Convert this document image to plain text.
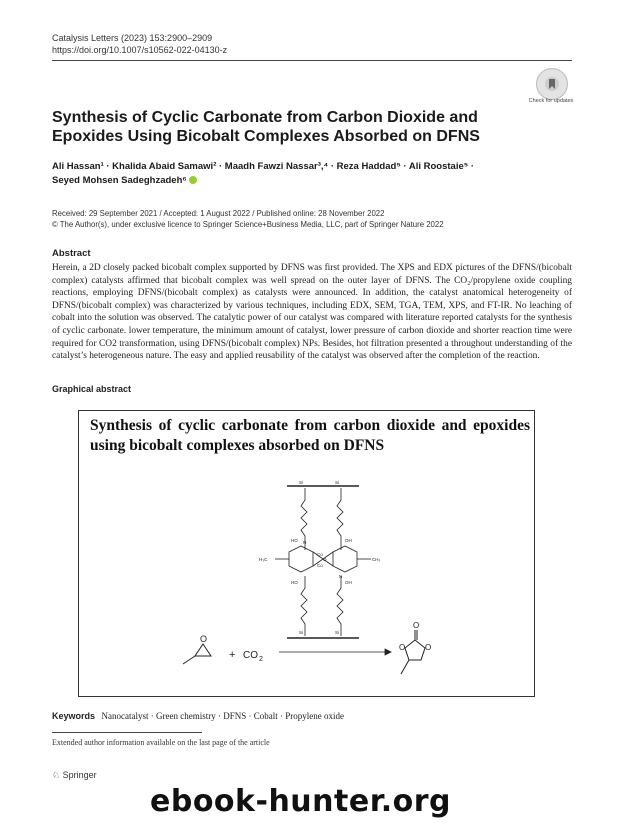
Catalysis Letters (2023) 153:2900–2909
https://doi.org/10.1007/s10562-022-04130-z
Check for updates
Synthesis of Cyclic Carbonate from Carbon Dioxide and Epoxides Using Bicobalt Complexes Absorbed on DFNS
Ali Hassan¹ · Khalida Abaid Samawi² · Maadh Fawzi Nassar³,⁴ · Reza Haddad⁵ · Ali Roostaie⁵ ·
Seyed Mohsen Sadeghzadeh⁶
Received: 29 September 2021 / Accepted: 1 August 2022 / Published online: 28 November 2022
© The Author(s), under exclusive licence to Springer Science+Business Media, LLC, part of Springer Nature 2022
Abstract
Herein, a 2D closely packed bicobalt complex supported by DFNS was first provided. The XPS and EDX pictures of the DFNS/(bicobalt complex) catalysts affirmed that bicobalt complex was well spread on the outer layer of DFNS. The CO₂/propylene oxide coupling reactions, employing DFNS/(bicobalt complex) as catalysts were announced. In addition, the catalyst anatomical heterogeneity of DFNS/(bicobalt complex) was characterized by various techniques, including EDX, SEM, TGA, TEM, XPS, and FT-IR. No leaching of cobalt into the solution was observed. The catalytic power of our catalyst was compared with literature reported catalysts for the synthesis of cyclic carbonate. lower temperature, the minimum amount of catalyst, lower pressure of carbon dioxide and shorter reaction time were required for CO2 transformation, using DFNS/(bicobalt complex) NPs. Besides, hot filtration presented a throughout understanding of the catalyst’s heterogeneous nature. The easy and applied reusability of the catalyst was observed after the completion of the reaction.
Graphical abstract
Synthesis of cyclic carbonate from carbon dioxide and epoxides using bicobalt complexes absorbed on DFNS
Si	Si
HO	OH
Co
Co
N
N
O
H₃C	CH₃
HO	OH
Si	Si
O
+ CO 2
O
O O
Keywords Nanocatalyst · Green chemistry · DFNS · Cobalt · Propylene oxide
Extended author information available on the last page of the article
♘ Springer
ebook-hunter.org
